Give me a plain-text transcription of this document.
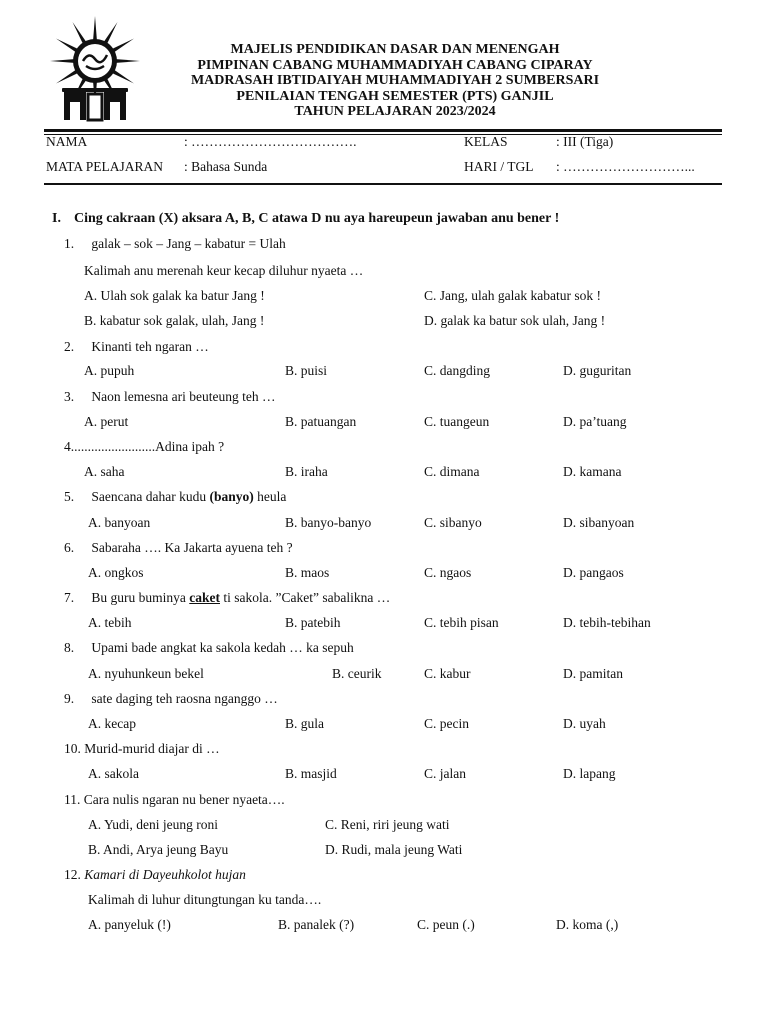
MAJELIS PENDIDIKAN DASAR DAN MENENGAH
PIMPINAN CABANG MUHAMMADIYAH CABANG CIPARAY
MADRASAH IBTIDAIYAH MUHAMMADIYAH 2 SUMBERSARI
PENILAIAN TENGAH SEMESTER (PTS) GANJIL
TAHUN PELAJARAN 2023/2024
NAMA	: ……………………………….	KELAS	: III (Tiga)
MATA PELAJARAN : Bahasa Sunda	HARI / TGL : ………………………...
I. Cing cakraan (X) aksara A, B, C atawa D nu aya hareupeun jawaban anu bener !
1. galak – sok – Jang – kabatur = Ulah
Kalimah anu merenah keur kecap diluhur nyaeta …
A. Ulah sok galak ka batur Jang !	C. Jang, ulah galak kabatur sok !
B. kabatur sok galak, ulah, Jang !	D. galak ka batur sok ulah, Jang !
2. Kinanti teh ngaran …
A. pupuh	B. puisi	C. dangding	D. guguritan
3. Naon lemesna ari beuteung teh …
A. perut	B. patuangan	C. tuangeun	D. pa’tuang
4.........................Adina ipah ?
A. saha	B. iraha	C. dimana	D. kamana
5. Saencana dahar kudu (banyo) heula
A. banyoan	B. banyo-banyo	C. sibanyo	D. sibanyoan
6. Sabaraha …. Ka Jakarta ayuena teh ?
A. ongkos	B. maos	C. ngaos	D. pangaos
7. Bu guru buminya caket ti sakola. ”Caket” sabalikna …
A. tebih	B. patebih	C. tebih pisan	D. tebih-tebihan
8. Upami bade angkat ka sakola kedah … ka sepuh
A. nyuhunkeun bekel	B. ceurik	C. kabur	D. pamitan
9. sate daging teh raosna nganggo …
A. kecap	B. gula	C. pecin	D. uyah
10. Murid-murid diajar di …
A. sakola	B. masjid	C. jalan	D. lapang
11. Cara nulis ngaran nu bener nyaeta….
A. Yudi, deni jeung roni	C. Reni, riri jeung wati
B. Andi, Arya jeung Bayu	D. Rudi, mala jeung Wati
12. Kamari di Dayeuhkolot hujan
Kalimah di luhur ditungtungan ku tanda….
A. panyeluk (!)	B. panalek (?)	C. peun (.)	D. koma (,)
